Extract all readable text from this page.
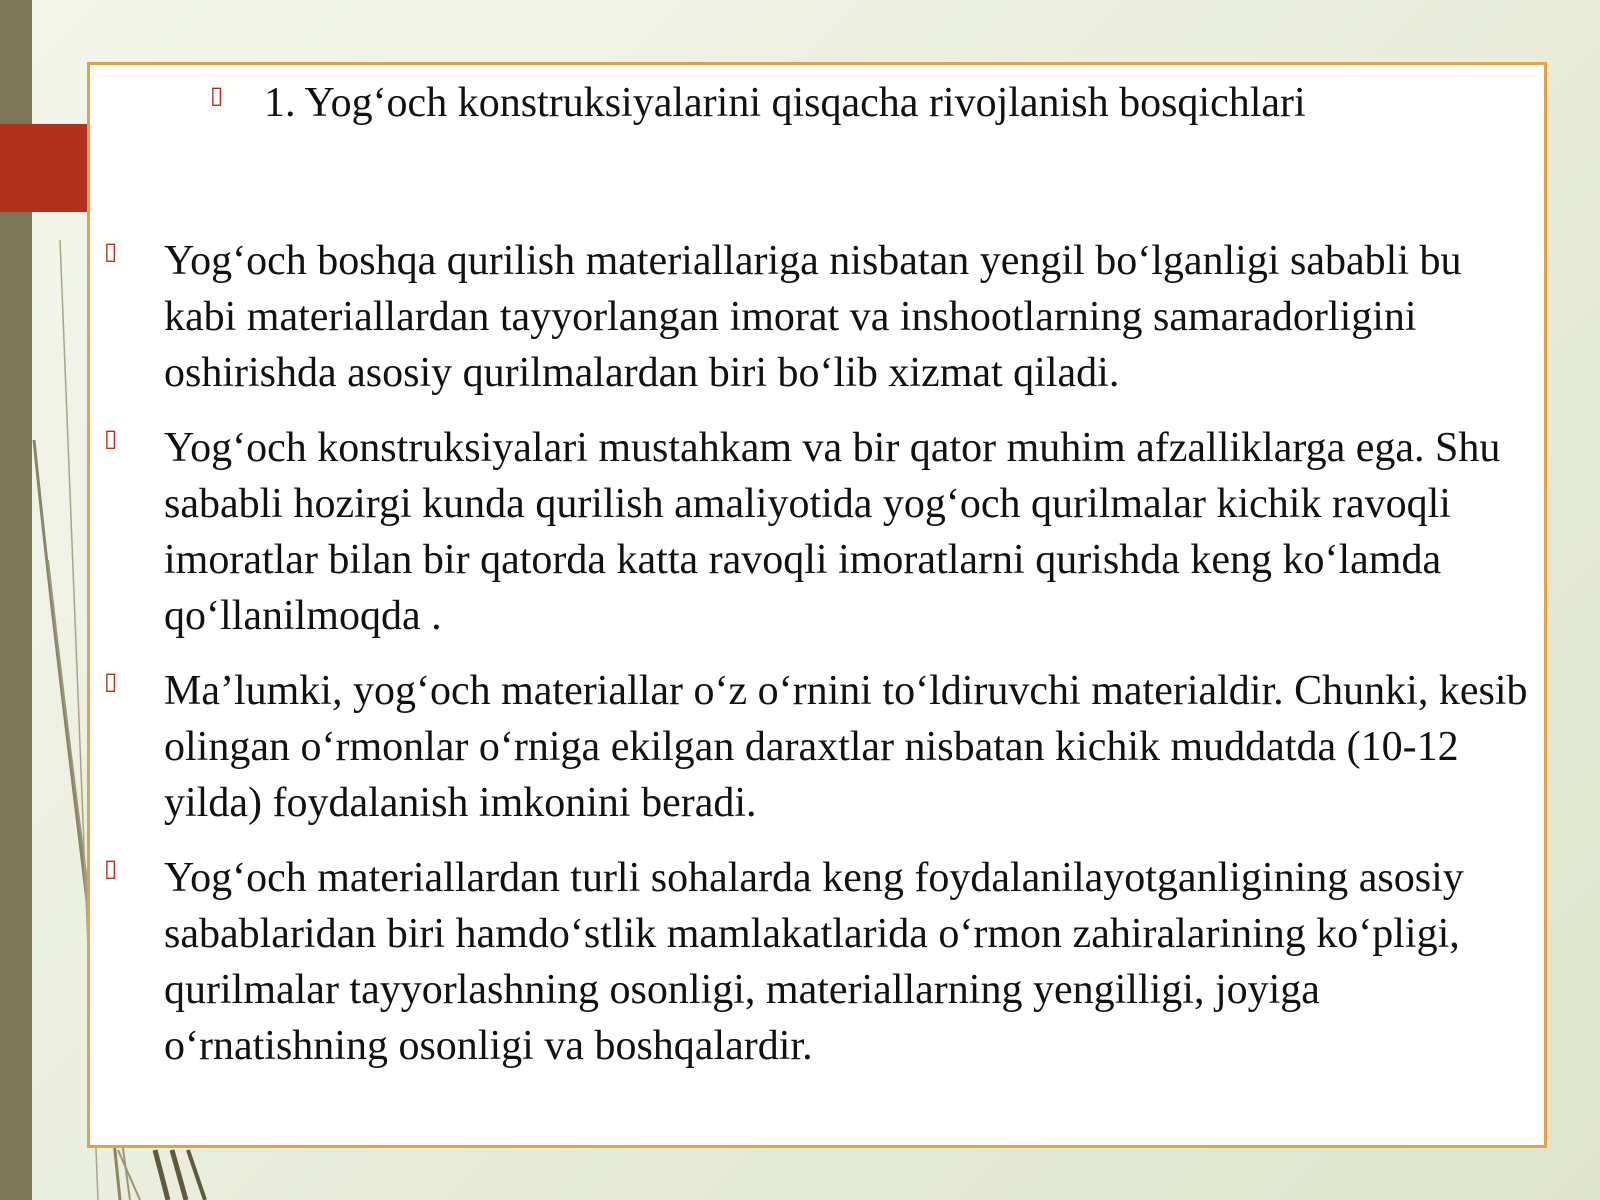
▯ 1. Yog‘och konstruksiyalarini qisqacha rivojlanish bosqichlari
▯	Yog‘och boshqa qurilish materiallariga nisbatan yengil bo‘lganligi sababli bu kabi materiallardan tayyorlangan imorat va inshootlarning samaradorligini oshirishda asosiy qurilmalardan biri bo‘lib xizmat qiladi.
▯	Yog‘och konstruksiyalari mustahkam va bir qator muhim afzalliklarga ega. Shu sababli hozirgi kunda qurilish amaliyotida yog‘och qurilmalar kichik ravoqli imoratlar bilan bir qatorda katta ravoqli imoratlarni qurishda keng ko‘lamda qo‘llanilmoqda .
▯	Ma’lumki, yog‘och materiallar o‘z o‘rnini to‘ldiruvchi materialdir. Chunki, kesib olingan o‘rmonlar o‘rniga ekilgan daraxtlar nisbatan kichik muddatda (10-12 yilda) foydalanish imkonini beradi.
▯	Yog‘och materiallardan turli sohalarda keng foydalanilayotganligining asosiy sabablaridan biri hamdo‘stlik mamlakatlarida o‘rmon zahiralarining ko‘pligi, qurilmalar tayyorlashning osonligi, materiallarning yengilligi, joyiga o‘rnatishning osonligi va boshqalardir.
